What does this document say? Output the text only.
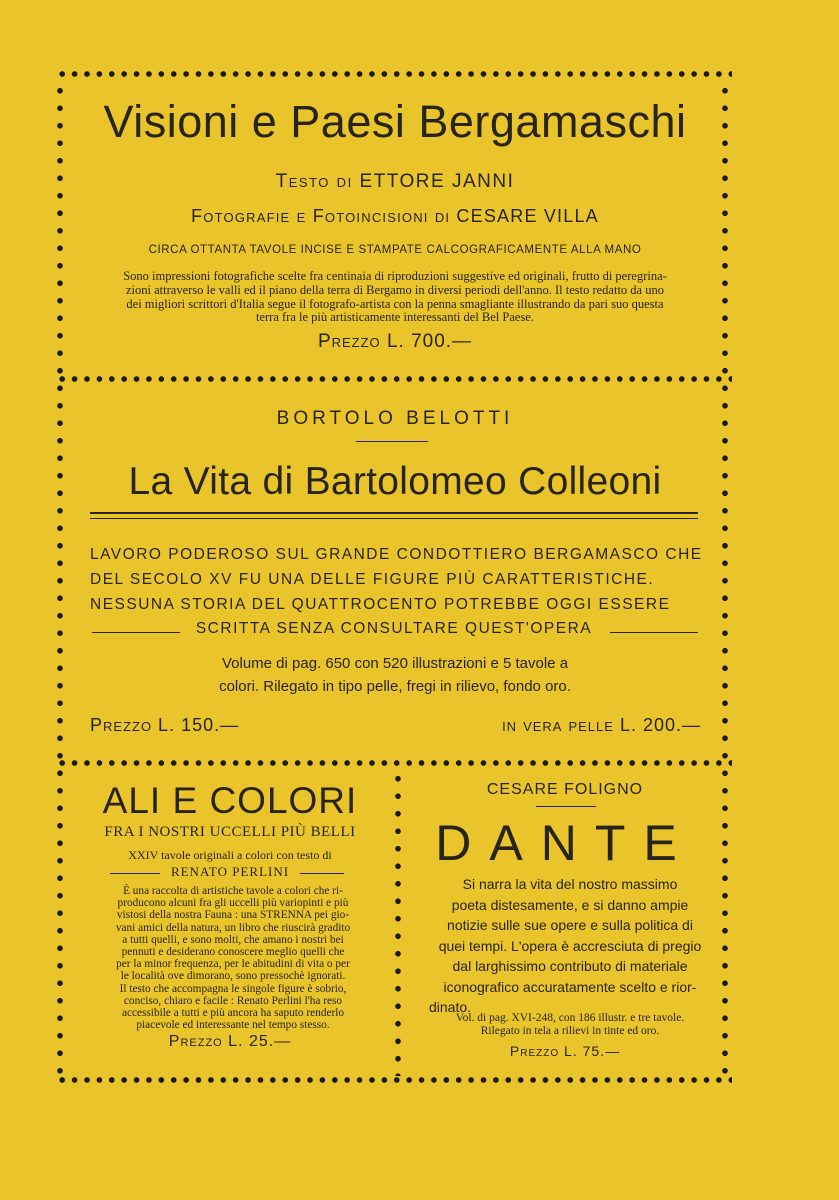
Visioni e Paesi Bergamaschi
Testo di ETTORE JANNI
Fotografie e Fotoincisioni di CESARE VILLA
CIRCA OTTANTA TAVOLE INCISE E STAMPATE CALCOGRAFICAMENTE ALLA MANO
Sono impressioni fotografiche scelte fra centinaia di riproduzioni suggestive ed originali, frutto di peregrina-
zioni attraverso le valli ed il piano della terra di Bergamo in diversi periodi dell'anno. Il testo redatto da uno
dei migliori scrittori d'Italia segue il fotografo-artista con la penna smagliante illustrando da pari suo questa
terra fra le più artisticamente interessanti del Bel Paese.
Prezzo L. 700.—
BORTOLO BELOTTI
La Vita di Bartolomeo Colleoni
LAVORO PODEROSO SUL GRANDE CONDOTTIERO BERGAMASCO CHE
DEL SECOLO XV FU UNA DELLE FIGURE PIÙ CARATTERISTICHE.
NESSUNA STORIA DEL QUATTROCENTO POTREBBE OGGI ESSERE
SCRITTA SENZA CONSULTARE QUEST'OPERA
Volume di pag. 650 con 520 illustrazioni e 5 tavole a
colori. Rilegato in tipo pelle, fregi in rilievo, fondo oro.
Prezzo L. 150.—	in vera pelle L. 200.—
ALI E COLORI
FRA I NOSTRI UCCELLI PIÙ BELLI
XXIV tavole originali a colori con testo di
RENATO PERLINI
È una raccolta di artistiche tavole a colori che ri-
producono alcuni fra gli uccelli più variopinti e più
vistosi della nostra Fauna : una STRENNA pei gio-
vani amici della natura, un libro che riuscirà gradito
a tutti quelli, e sono molti, che amano i nostri bei
pennuti e desiderano conoscere meglio quelli che
per la minor frequenza, per le abitudini di vita o per
le località ove dimorano, sono pressochè ignorati.
Il testo che accompagna le singole figure è sobrio,
conciso, chiaro e facile : Renato Perlini l'ha reso
accessibile a tutti e più ancora ha saputo renderlo
piacevole ed interessante nel tempo stesso.
Prezzo L. 25.—
CESARE FOLIGNO
DANTE
Si narra la vita del nostro massimo
poeta distesamente, e si danno ampie
notizie sulle sue opere e sulla politica di
quei tempi. L'opera è accresciuta di pregio
dal larghissimo contributo di materiale
iconografico accuratamente scelto e rior-
dinato.
Vol. di pag. XVI-248, con 186 illustr. e tre tavole.
Rilegato in tela a rilievi in tinte ed oro.
Prezzo L. 75.—
